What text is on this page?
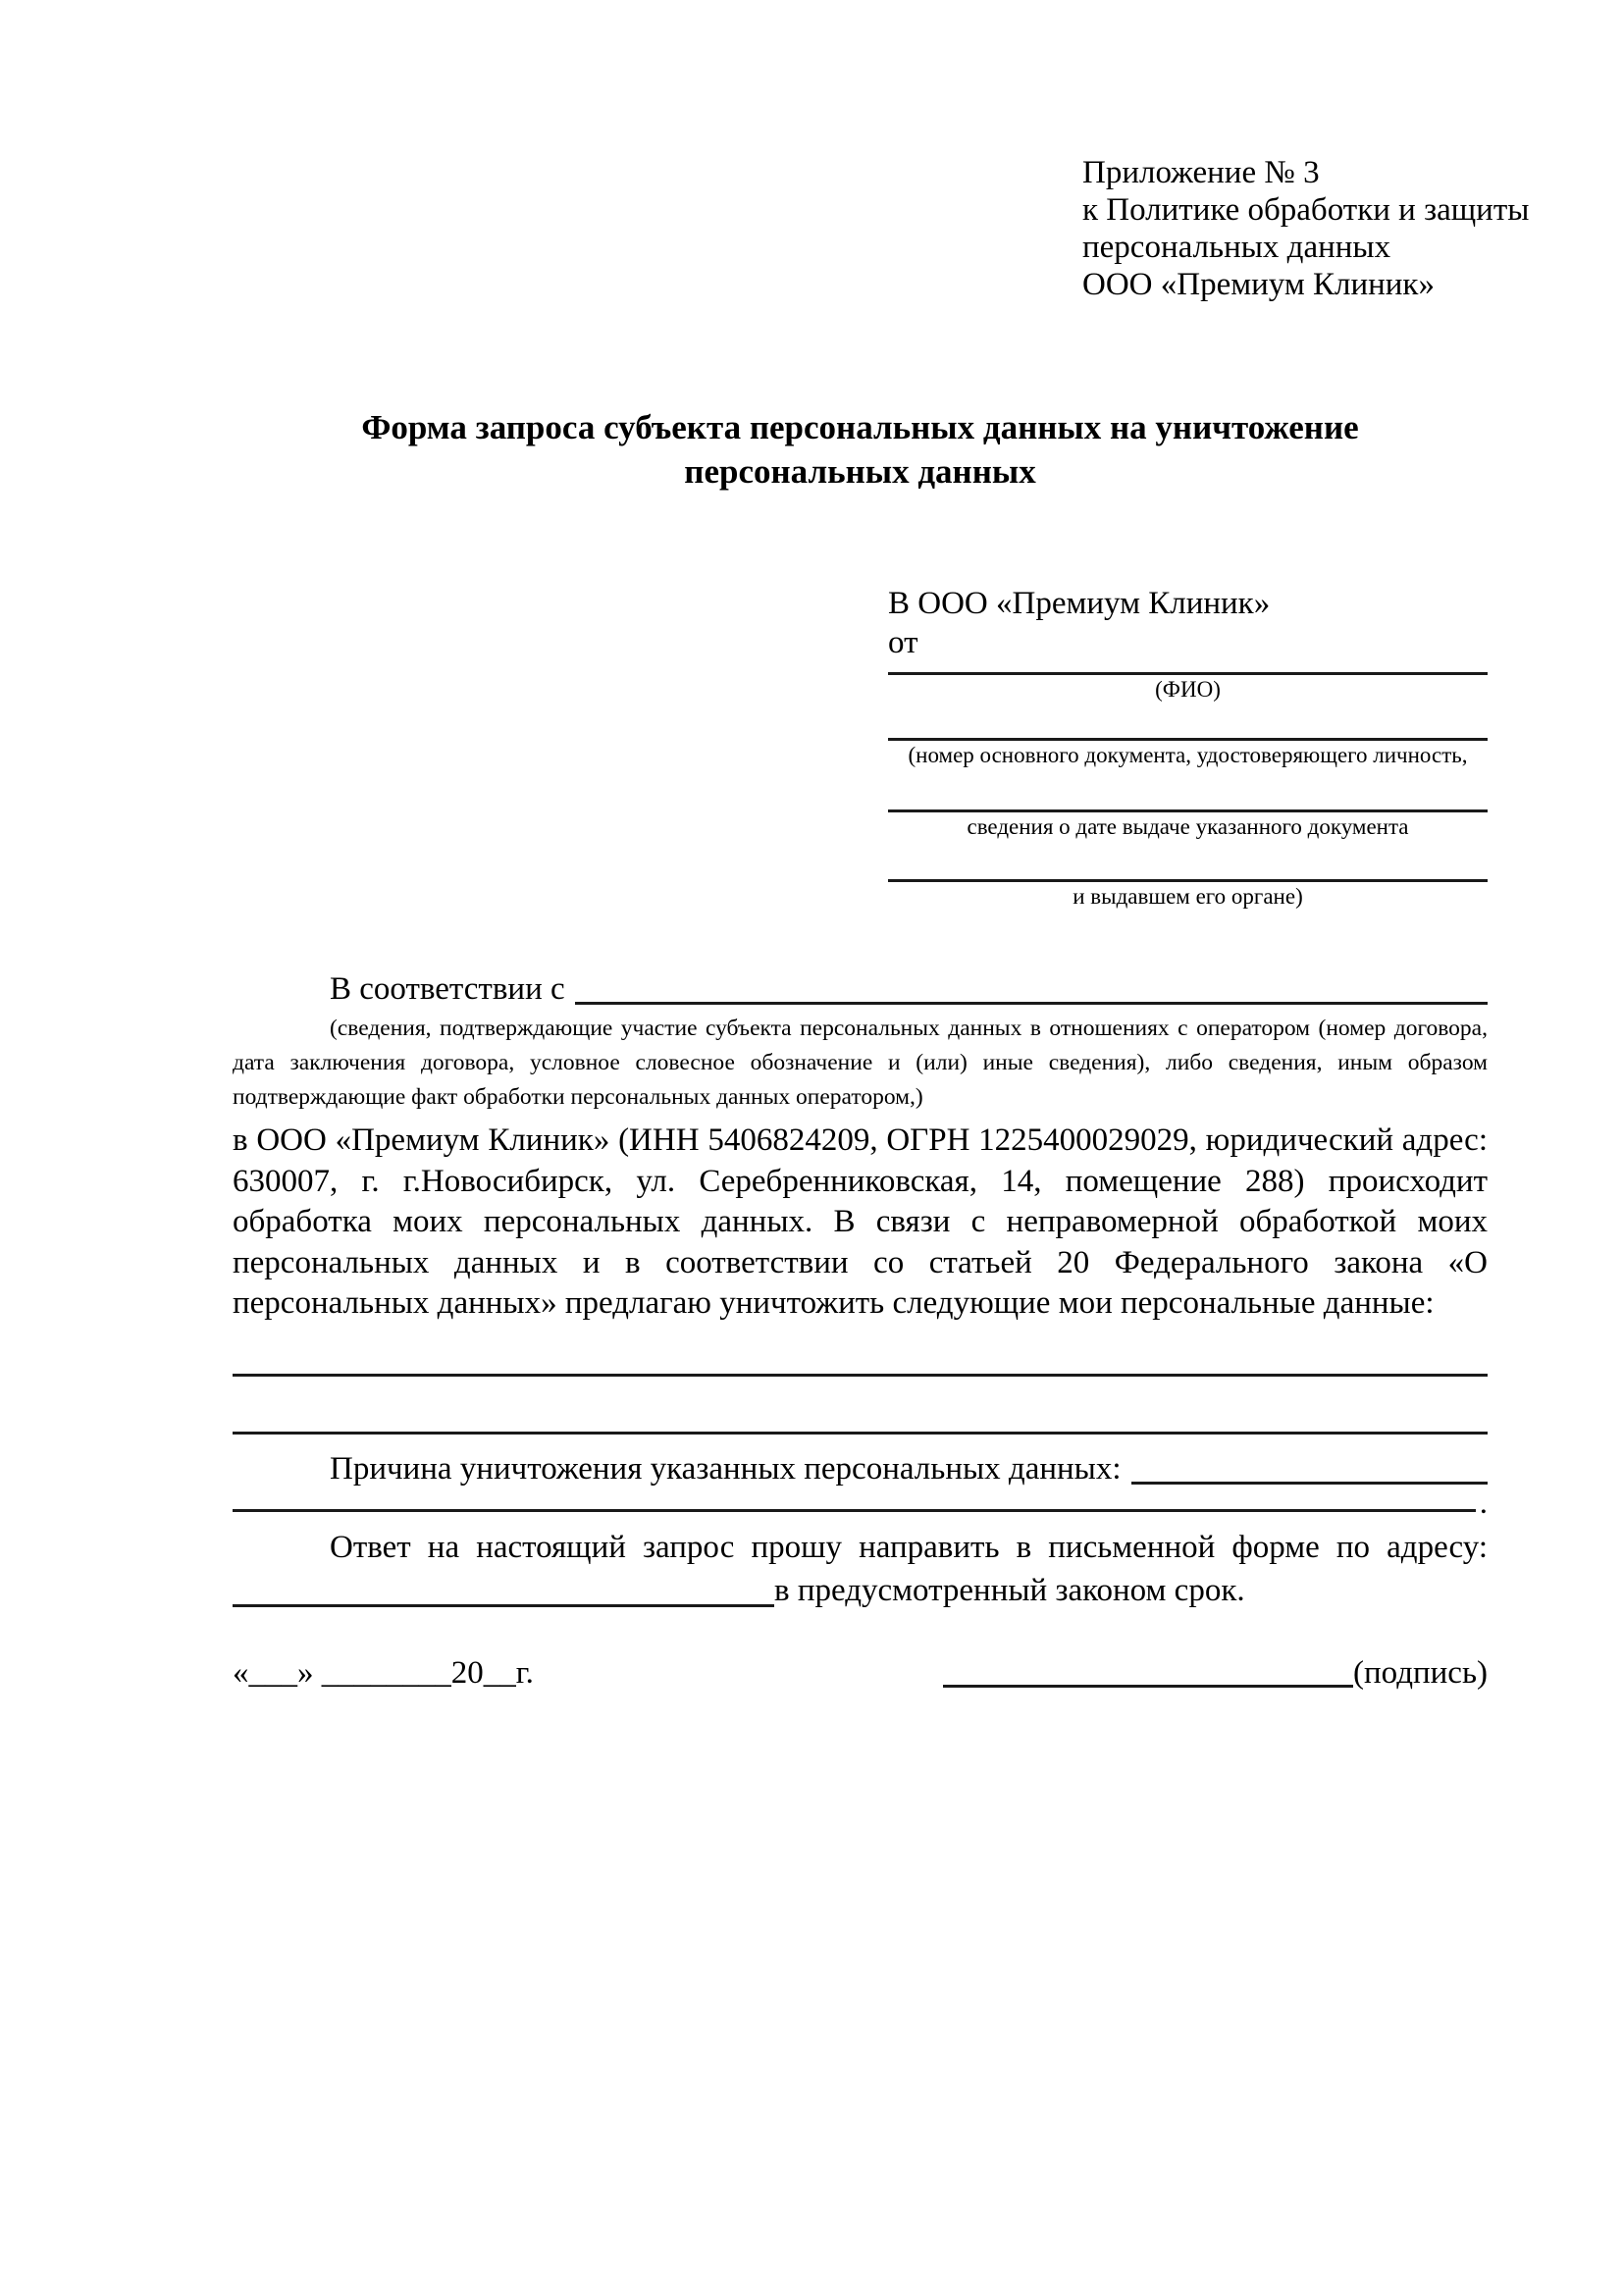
Приложение № 3
к Политике обработки и защиты
персональных данных
ООО «Премиум Клиник»
Форма запроса субъекта персональных данных на уничтожение
персональных данных
В ООО «Премиум Клиник»
от
(ФИО)
(номер основного документа, удостоверяющего личность,
сведения о дате выдаче указанного документа
и выдавшем его органе)
В соответствии с

(сведения, подтверждающие участие субъекта персональных данных в отношениях с оператором (номер договора, дата заключения договора, условное словесное обозначение и (или) иные сведения), либо сведения, иным образом подтверждающие факт обработки персональных данных оператором,)

в ООО «Премиум Клиник» (ИНН 5406824209, ОГРН 1225400029029, юридический адрес: 630007, г. г.Новосибирск, ул. Серебренниковская, 14, помещение 288) происходит обработка моих персональных данных. В связи с неправомерной обработкой моих персональных данных и в соответствии со статьей 20 Федерального закона «О персональных данных» предлагаю уничтожить следующие мои персональные данные:

Причина уничтожения указанных персональных данных:
.

Ответ на настоящий запрос прошу направить в письменной форме по адресу:

в предусмотренный законом срок.
«___» ________20__г.	(подпись)
